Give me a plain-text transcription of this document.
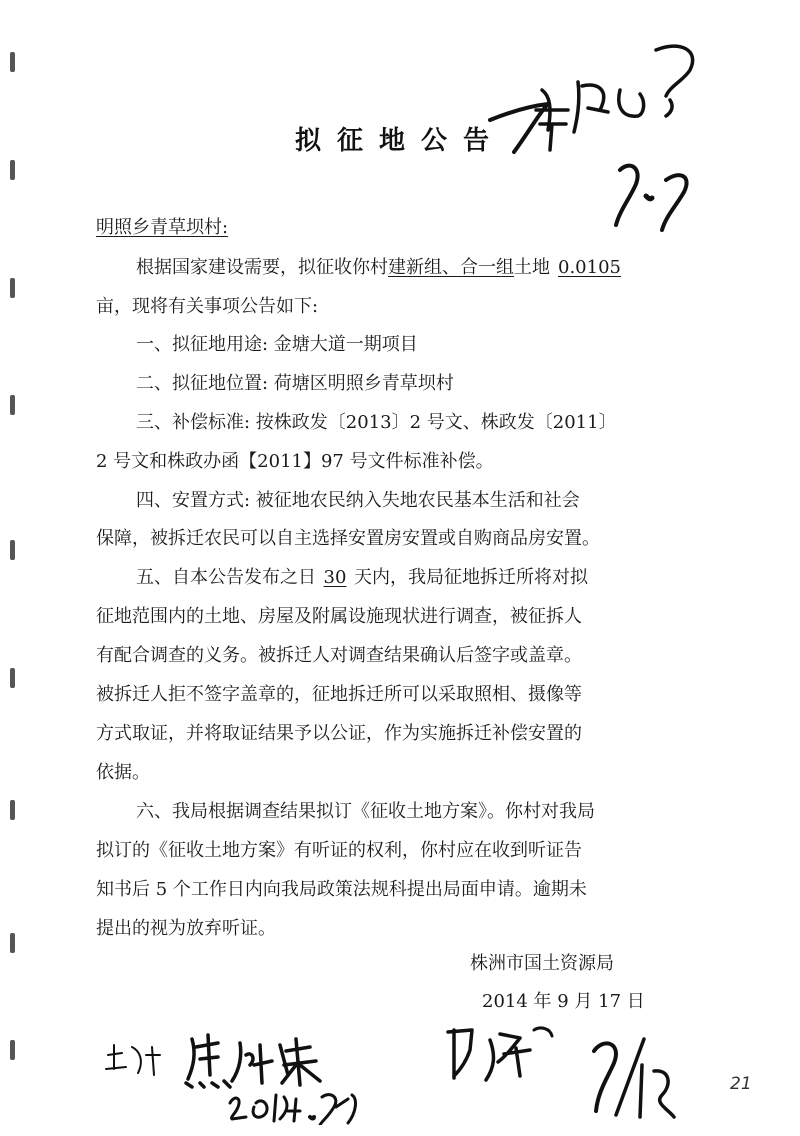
拟征地公告
明照乡青草坝村:
根据国家建设需要，拟征收你村建新组、合一组土地 0.0105
亩，现将有关事项公告如下:
一、拟征地用途: 金塘大道一期项目
二、拟征地位置: 荷塘区明照乡青草坝村
三、补偿标准: 按株政发〔2013〕2 号文、株政发〔2011〕
2 号文和株政办函【2011】97 号文件标准补偿。
四、安置方式: 被征地农民纳入失地农民基本生活和社会
保障，被拆迁农民可以自主选择安置房安置或自购商品房安置。
五、自本公告发布之日 30 天内，我局征地拆迁所将对拟
征地范围内的土地、房屋及附属设施现状进行调查，被征拆人
有配合调查的义务。被拆迁人对调查结果确认后签字或盖章。
被拆迁人拒不签字盖章的，征地拆迁所可以采取照相、摄像等
方式取证，并将取证结果予以公证，作为实施拆迁补偿安置的
依据。
六、我局根据调查结果拟订《征收土地方案》。你村对我局
拟订的《征收土地方案》有听证的权利，你村应在收到听证告
知书后 5 个工作日内向我局政策法规科提出局面申请。逾期未
提出的视为放弃听证。
株洲市国土资源局
2014 年 9 月 17 日
21
